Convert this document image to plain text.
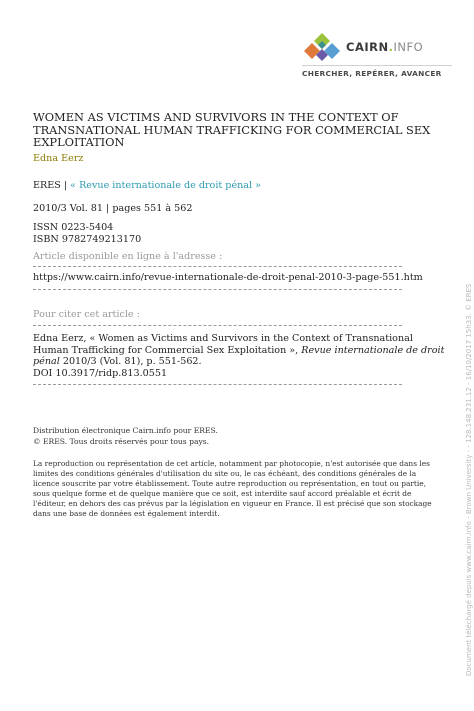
CAIRN.INFO
CHERCHER, REPÉRER, AVANCER
WOMEN AS VICTIMS AND SURVIVORS IN THE CONTEXT OF TRANSNATIONAL HUMAN TRAFFICKING FOR COMMERCIAL SEX EXPLOITATION
Edna Eerz
ERES | « Revue internationale de droit pénal »
2010/3 Vol. 81 | pages 551 à 562
ISSN 0223-5404
ISBN 9782749213170
Article disponible en ligne à l'adresse :
https://www.cairn.info/revue-internationale-de-droit-penal-2010-3-page-551.htm
Pour citer cet article :
Edna Eerz, « Women as Victims and Survivors in the Context of Transnational Human Trafficking for Commercial Sex Exploitation », Revue internationale de droit pénal 2010/3 (Vol. 81), p. 551-562.
DOI 10.3917/ridp.813.0551
Distribution électronique Cairn.info pour ERES.
© ERES. Tous droits réservés pour tous pays.
La reproduction ou représentation de cet article, notamment par photocopie, n'est autorisée que dans les limites des conditions générales d'utilisation du site ou, le cas échéant, des conditions générales de la licence souscrite par votre établissement. Toute autre reproduction ou représentation, en tout ou partie, sous quelque forme et de quelque manière que ce soit, est interdite sauf accord préalable et écrit de l'éditeur, en dehors des cas prévus par la législation en vigueur en France. Il est précisé que son stockage dans une base de données est également interdit.	Document téléchargé depuis www.cairn.info - Brown University - - 128.148.231.12 - 16/10/2017 15h33. © ERES
